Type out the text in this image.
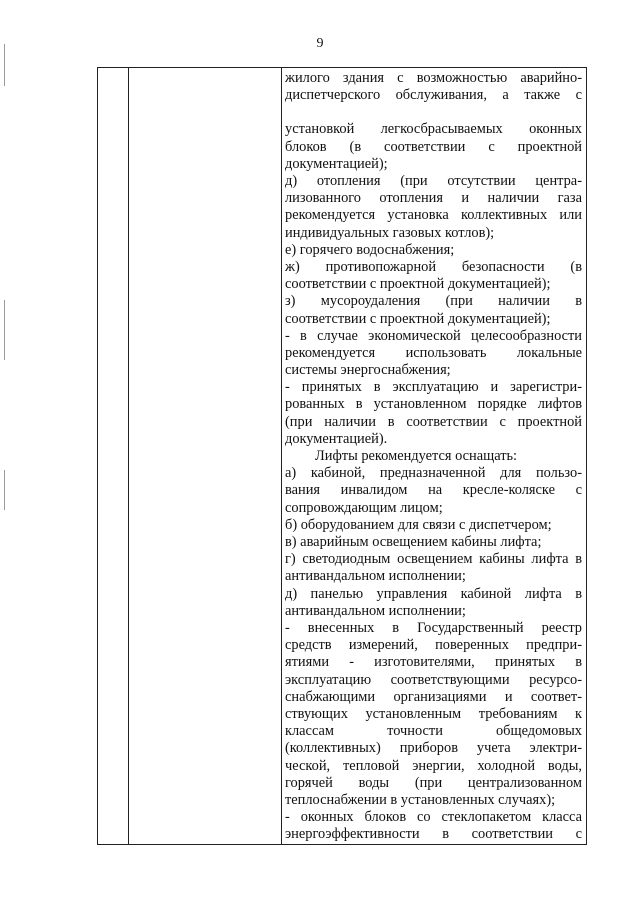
9
жилого здания с возможностью аварийно-
диспетчерского обслуживания, а также с
установкой легкосбрасываемых оконных
блоков (в соответствии с проектной
документацией);
д) отопления (при отсутствии центра-
лизованного отопления и наличии газа
рекомендуется установка коллективных или
индивидуальных газовых котлов);
е) горячего водоснабжения;
ж) противопожарной безопасности (в
соответствии с проектной документацией);
з) мусороудаления (при наличии в
соответствии с проектной документацией);
- в случае экономической целесообразности
рекомендуется использовать локальные
системы энергоснабжения;
- принятых в эксплуатацию и зарегистри-
рованных в установленном порядке лифтов
(при наличии в соответствии с проектной
документацией).
Лифты рекомендуется оснащать:
а) кабиной, предназначенной для пользо-
вания инвалидом на кресле-коляске с
сопровождающим лицом;
б) оборудованием для связи с диспетчером;
в) аварийным освещением кабины лифта;
г) светодиодным освещением кабины лифта в
антивандальном исполнении;
д) панелью управления кабиной лифта в
антивандальном исполнении;
- внесенных в Государственный реестр
средств измерений, поверенных предпри-
ятиями - изготовителями, принятых в
эксплуатацию соответствующими ресурсо-
снабжающими организациями и соответ-
ствующих установленным требованиям к
классам точности общедомовых
(коллективных) приборов учета электри-
ческой, тепловой энергии, холодной воды,
горячей воды (при централизованном
теплоснабжении в установленных случаях);
- оконных блоков со стеклопакетом класса
энергоэффективности в соответствии с
